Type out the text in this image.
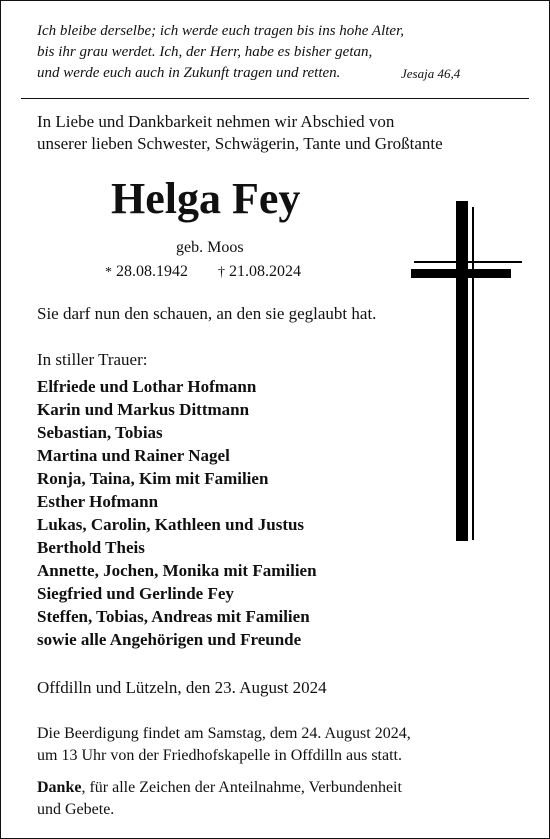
Ich bleibe derselbe; ich werde euch tragen bis ins hohe Alter,
bis ihr grau werdet. Ich, der Herr, habe es bisher getan,
und werde euch auch in Zukunft tragen und retten.	Jesaja 46,4
In Liebe und Dankbarkeit nehmen wir Abschied von
unserer lieben Schwester, Schwägerin, Tante und Großtante
Helga Fey
geb. Moos
* 28.08.1942 † 21.08.2024
Sie darf nun den schauen, an den sie geglaubt hat.
In stiller Trauer:
Elfriede und Lothar Hofmann
Karin und Markus Dittmann
Sebastian, Tobias
Martina und Rainer Nagel
Ronja, Taina, Kim mit Familien
Esther Hofmann
Lukas, Carolin, Kathleen und Justus
Berthold Theis
Annette, Jochen, Monika mit Familien
Siegfried und Gerlinde Fey
Steffen, Tobias, Andreas mit Familien
sowie alle Angehörigen und Freunde
Offdilln und Lützeln, den 23. August 2024
Die Beerdigung findet am Samstag, dem 24. August 2024,
um 13 Uhr von der Friedhofskapelle in Offdilln aus statt.
Danke, für alle Zeichen der Anteilnahme, Verbundenheit
und Gebete.
